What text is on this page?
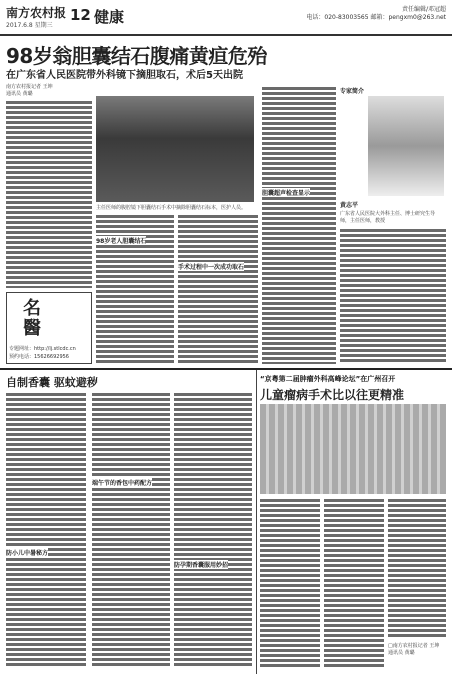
南方农村报
2017.6.8 星期三
12 健康	责任编辑/邓冠超
电话：020-83003565 邮箱：pengxm0@263.net
98岁翁胆囊结石腹痛黄疸危殆
在广东省人民医院带外科镜下摘胆取石，术后5天出院
南方农村报记者 王坤
通讯员 黄璐
名
醫
专题网址：http://lj.stlcdc.cn
预约电话：15626692956
主任医师的腹腔镜下胆囊结石手术中摘除胆囊结石标本，医护人员。
98岁老人胆囊结石
手术过程中一次成功取石
胆囊超声检查显示
专家简介
黄志平
广东省人民医院大外科主任、博士研究生导师，主任医师，教授
自制香囊 驱蚊避秽
防小儿中暑秘方
端午节的香包中药配方
防孕期香囊服用妙招
“京粤第二届肿瘤外科高峰论坛”在广州召开
儿童瘤病手术比以往更精准
□南方农村报记者 王坤
通讯员 黄璐
